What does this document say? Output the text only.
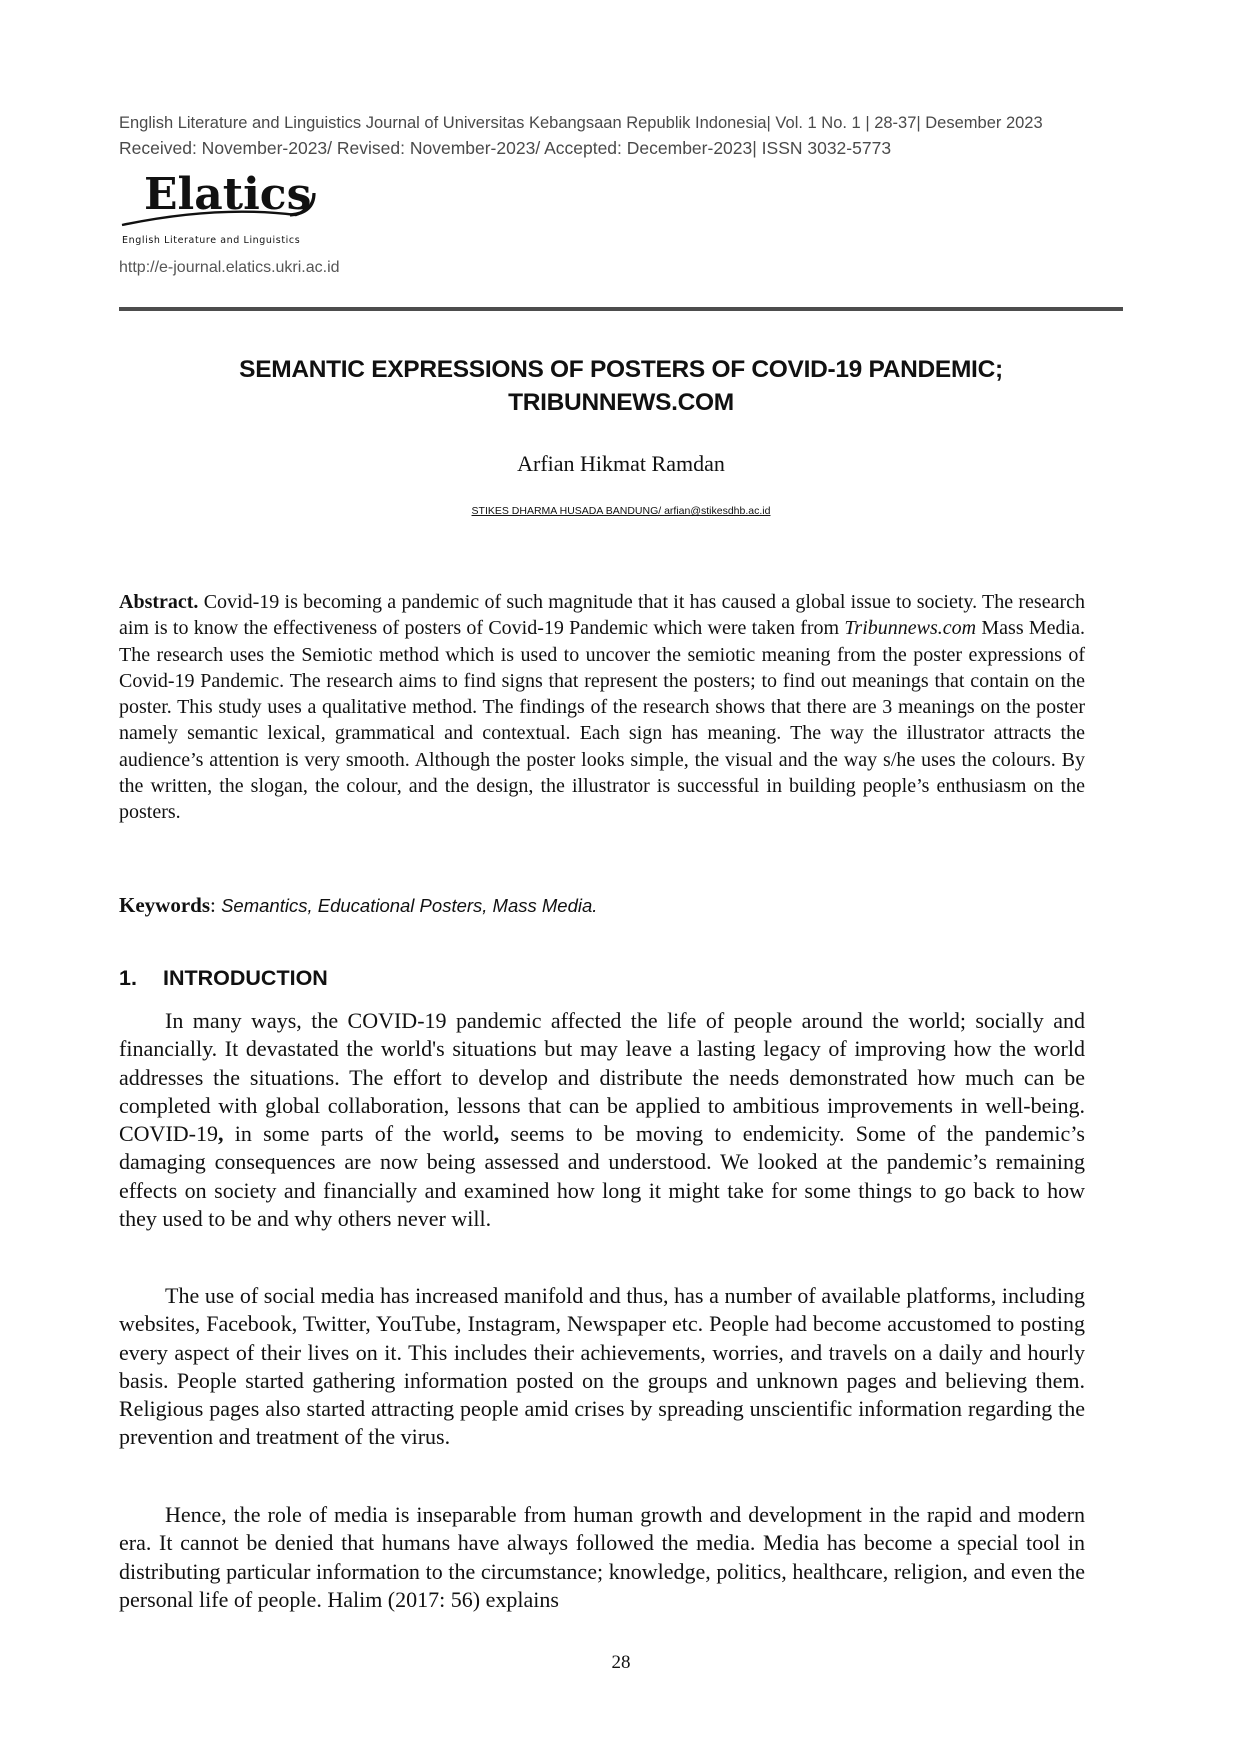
English Literature and Linguistics Journal of Universitas Kebangsaan Republik Indonesia| Vol. 1 No. 1 | 28-37| Desember 2023
Received: November-2023/ Revised: November-2023/ Accepted: December-2023| ISSN 3032-5773
Elatics
English Literature and Linguistics
http://e-journal.elatics.ukri.ac.id
SEMANTIC EXPRESSIONS OF POSTERS OF COVID-19 PANDEMIC;
TRIBUNNEWS.COM
Arfian Hikmat Ramdan
STIKES DHARMA HUSADA BANDUNG/ arfian@stikesdhb.ac.id

Abstract. Covid-19 is becoming a pandemic of such magnitude that it has caused a global issue to society. The research aim is to know the effectiveness of posters of Covid-19 Pandemic which were taken from Tribunnews.com Mass Media. The research uses the Semiotic method which is used to uncover the semiotic meaning from the poster expressions of Covid-19 Pandemic. The research aims to find signs that represent the posters; to find out meanings that contain on the poster. This study uses a qualitative method. The findings of the research shows that there are 3 meanings on the poster namely semantic lexical, grammatical and contextual. Each sign has meaning. The way the illustrator attracts the audience’s attention is very smooth. Although the poster looks simple, the visual and the way s/he uses the colours. By the written, the slogan, the colour, and the design, the illustrator is successful in building people’s enthusiasm on the posters.

Keywords: Semantics, Educational Posters, Mass Media.
1. INTRODUCTION

In many ways, the COVID-19 pandemic affected the life of people around the world; socially and financially. It devastated the world's situations but may leave a lasting legacy of improving how the world addresses the situations. The effort to develop and distribute the needs demonstrated how much can be completed with global collaboration, lessons that can be applied to ambitious improvements in well-being. COVID-19, in some parts of the world, seems to be moving to endemicity. Some of the pandemic’s damaging consequences are now being assessed and understood. We looked at the pandemic’s remaining effects on society and financially and examined how long it might take for some things to go back to how they used to be and why others never will.

The use of social media has increased manifold and thus, has a number of available platforms, including websites, Facebook, Twitter, YouTube, Instagram, Newspaper etc. People had become accustomed to posting every aspect of their lives on it. This includes their achievements, worries, and travels on a daily and hourly basis. People started gathering information posted on the groups and unknown pages and believing them. Religious pages also started attracting people amid crises by spreading unscientific information regarding the prevention and treatment of the virus.

Hence, the role of media is inseparable from human growth and development in the rapid and modern era. It cannot be denied that humans have always followed the media. Media has become a special tool in distributing particular information to the circumstance; knowledge, politics, healthcare, religion, and even the personal life of people. Halim (2017: 56) explains

28
